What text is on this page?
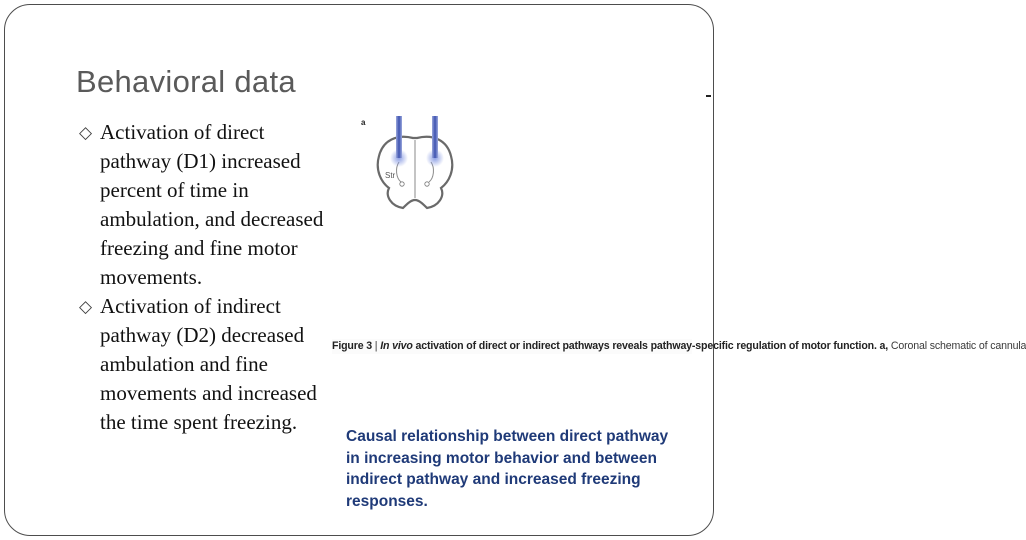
Behavioral data

◇ Activation of direct pathway (D1) increased percent of time in ambulation, and decreased freezing and fine motor movements.

◇ Activation of indirect pathway (D2) decreased ambulation and fine movements and increased the time spent freezing.

a
Str
Figure 3 | In vivo activation of direct or indirect pathways reveals pathway-specific regulation of motor function. a, Coronal schematic of cannula
Causal relationship between direct pathway in increasing motor behavior and between indirect pathway and increased freezing responses.
